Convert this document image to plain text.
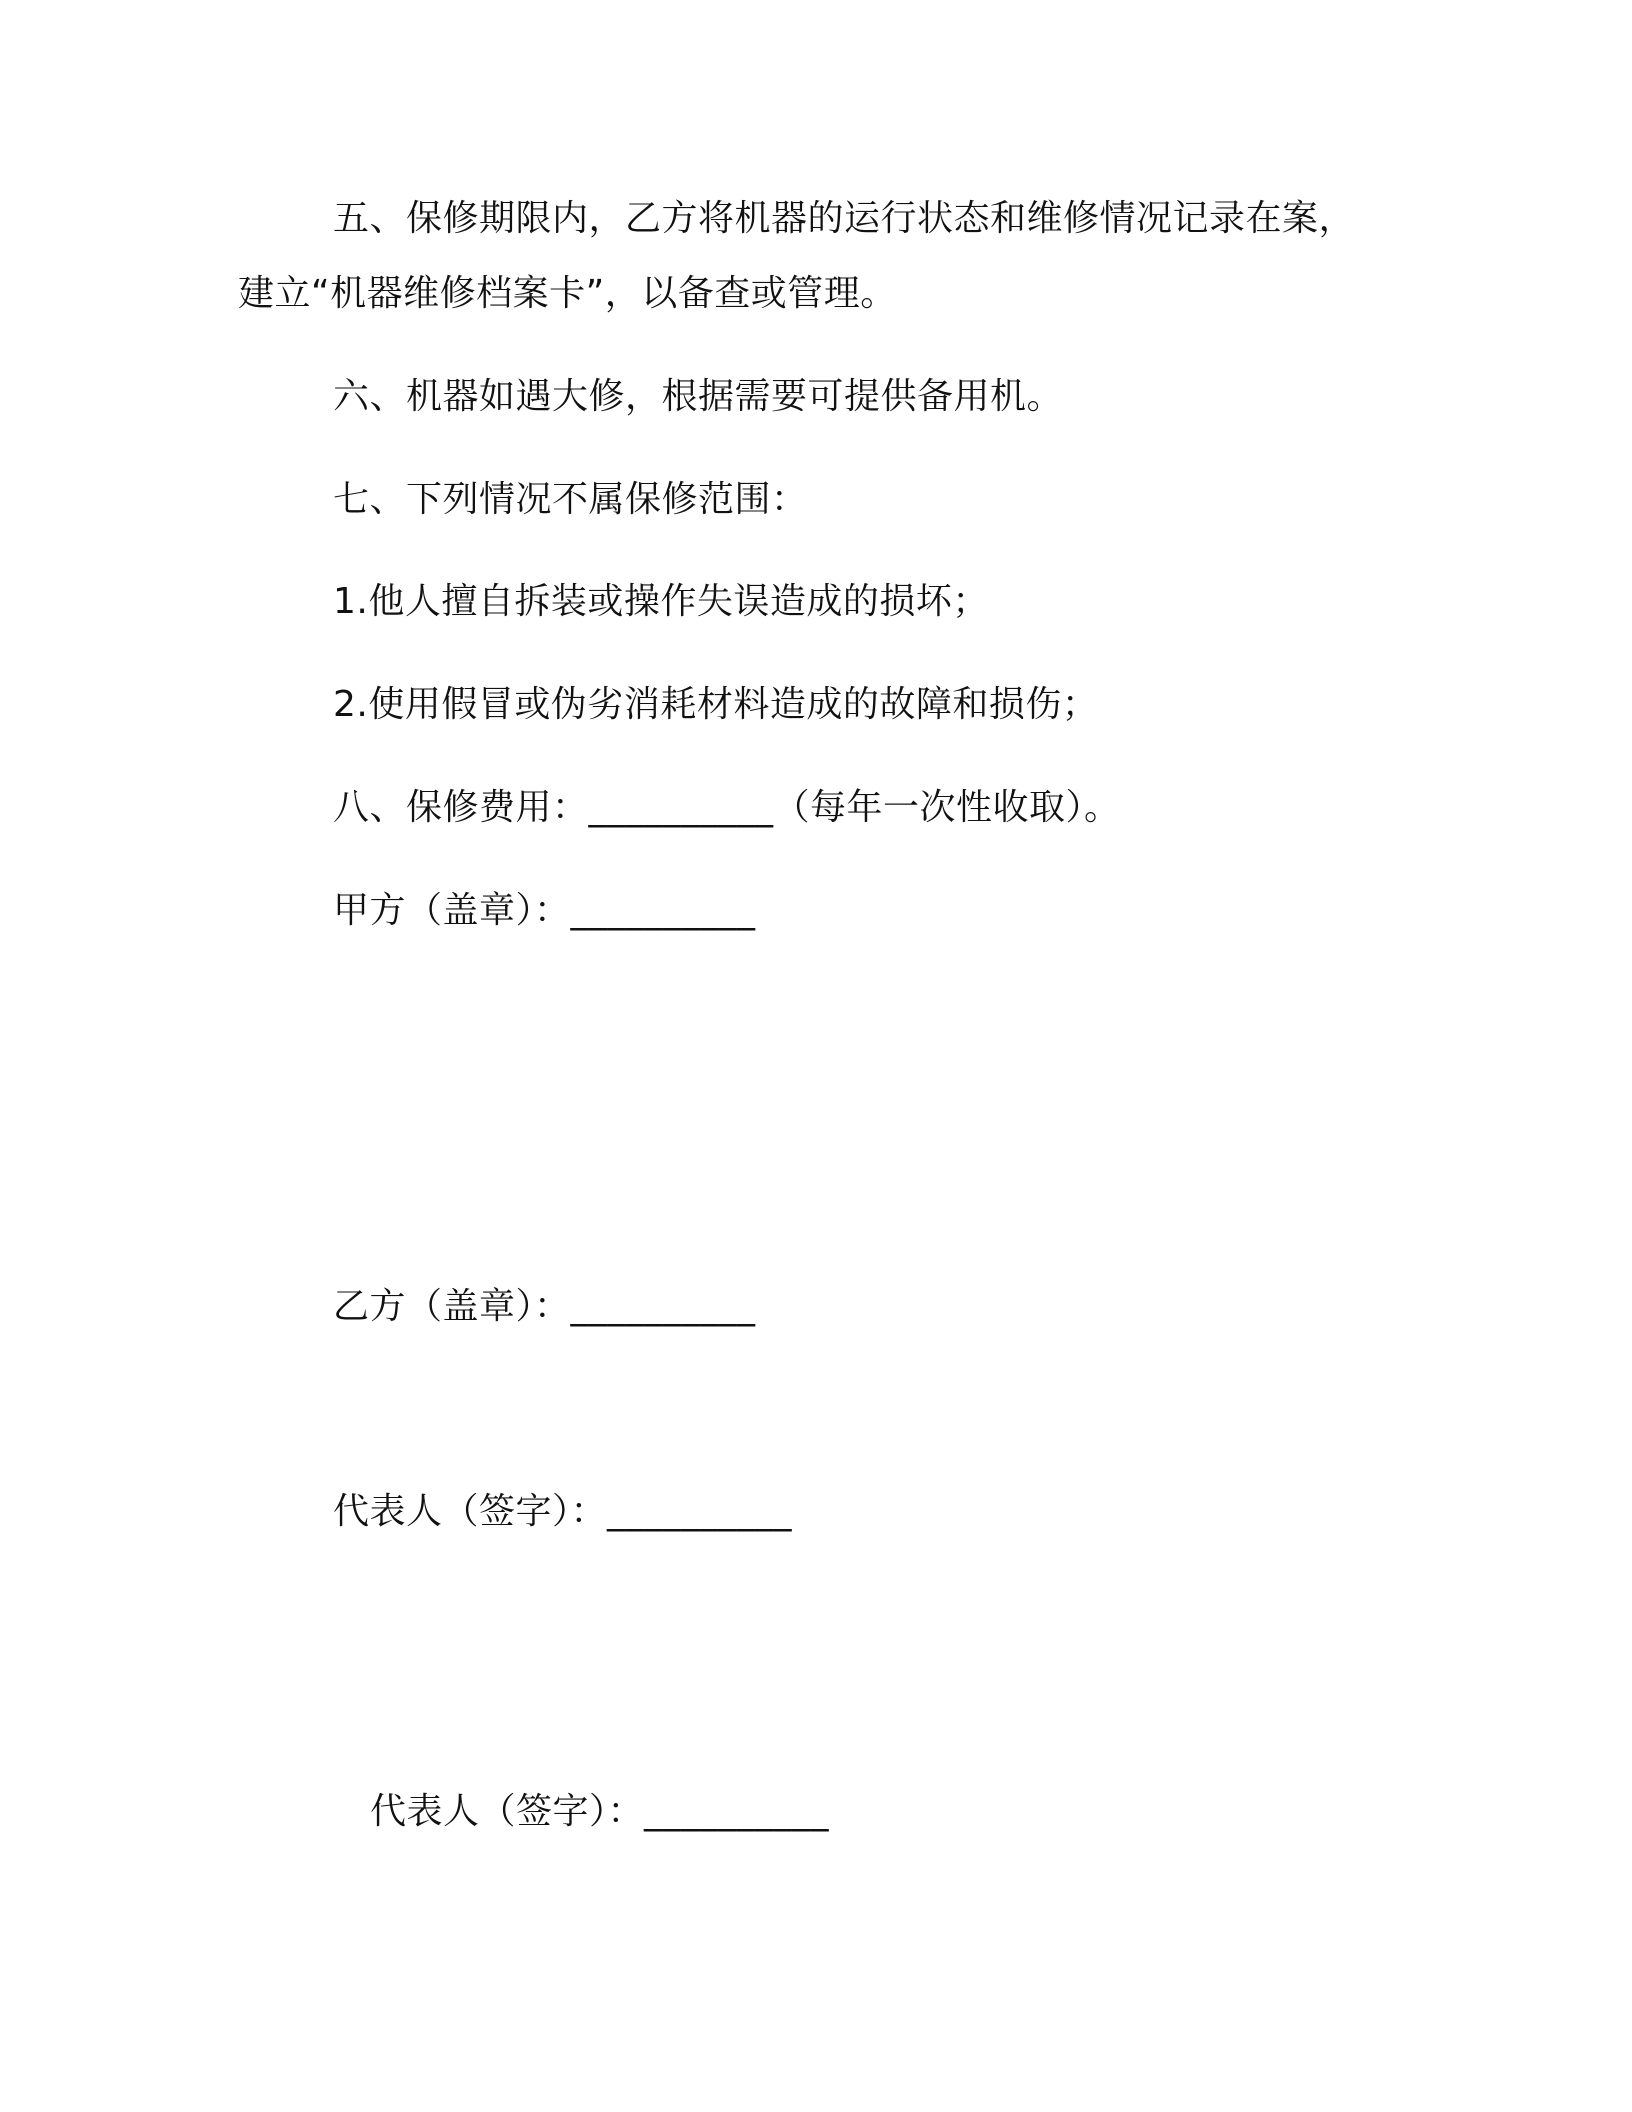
五、保修期限内，乙方将机器的运行状态和维修情况记录在案，
建立“机器维修档案卡”，以备查或管理。
六、机器如遇大修，根据需要可提供备用机。
七、下列情况不属保修范围：
1.他人擅自拆装或操作失误造成的损坏；
2.使用假冒或伪劣消耗材料造成的故障和损伤；
八、保修费用：__________（每年一次性收取）。
甲方（盖章）：__________
乙方（盖章）：__________
代表人（签字）：__________
代表人（签字）：__________
